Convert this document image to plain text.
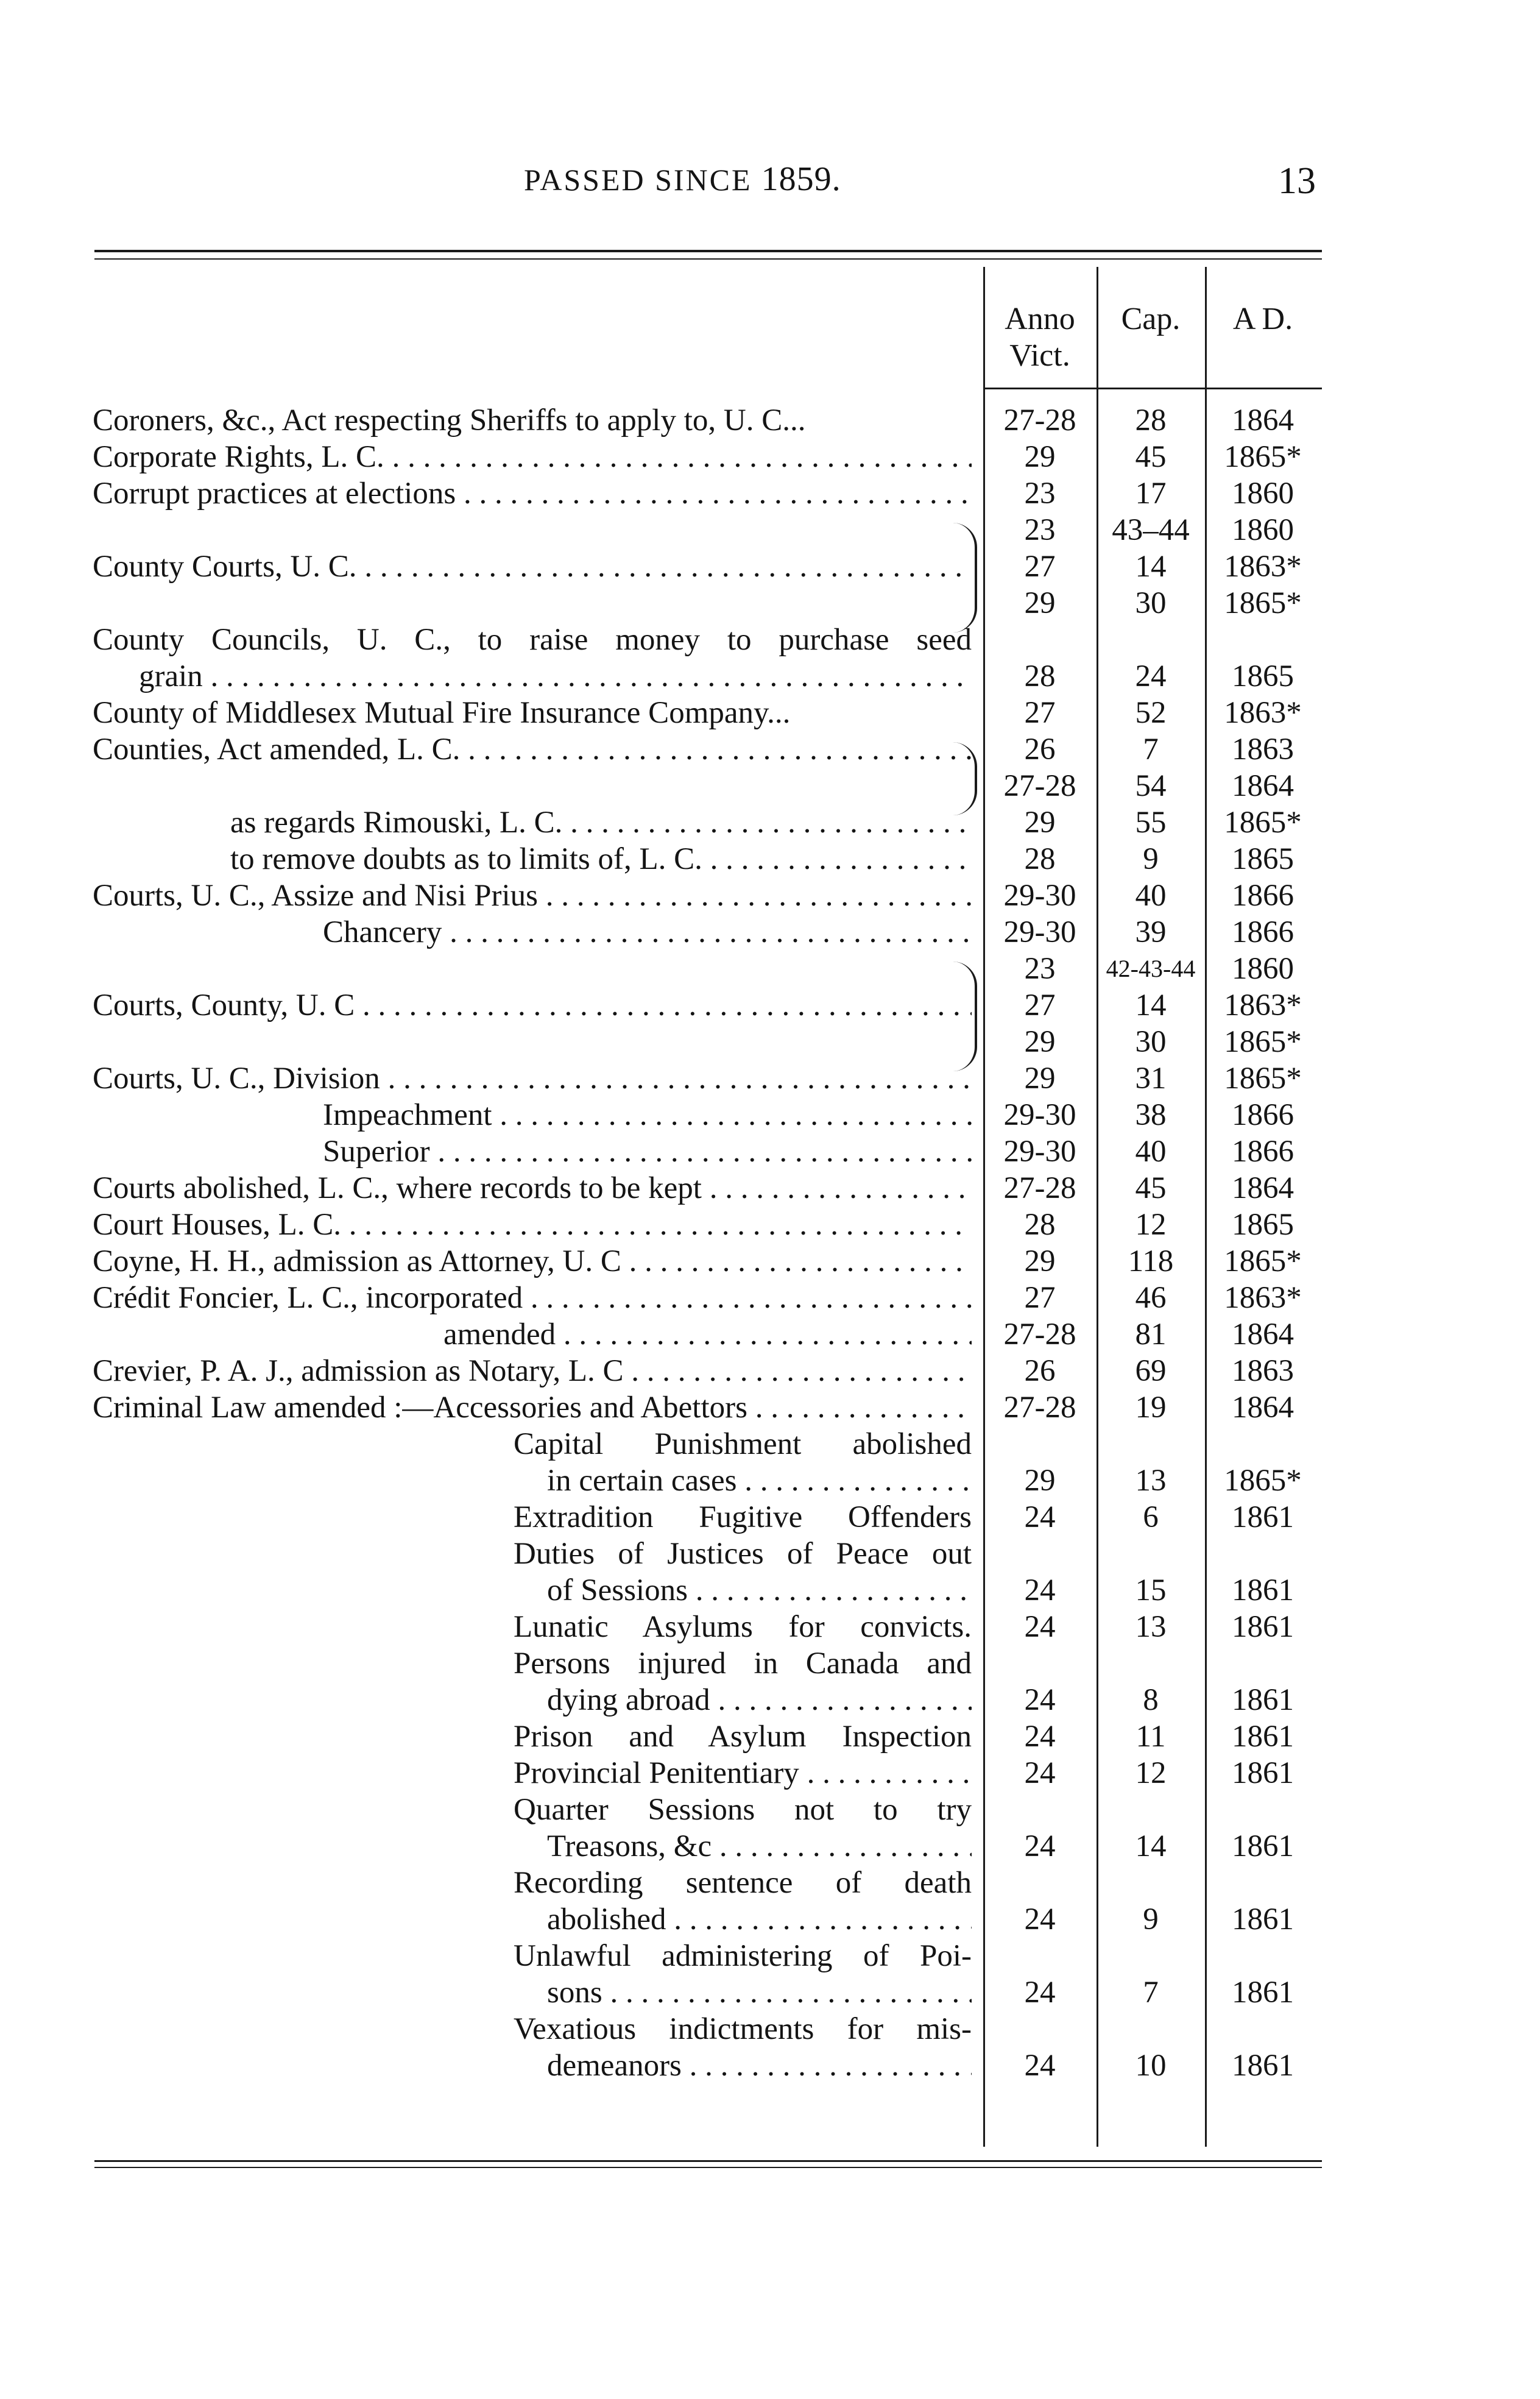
PASSED SINCE 1859.	13
Anno
Vict.
Cap.	A D.
Coroners, &c., Act respecting Sheriffs to apply to, U. C...	27-28	28	1864
Corporate Rights, L. C. . . .	29	45	1865*
Corrupt practices at elections . . .	23	17	1860
23	43–44	1860
County Courts, U. C. . . .	27	14	1863*
29	30	1865*
County Councils, U. C., to raise money to purchase seed
grain . . .	28	24	1865
County of Middlesex Mutual Fire Insurance Company...	27	52	1863*
Counties, Act amended, L. C. . . .	26	7	1863
27-28	54	1864
as regards Rimouski, L. C. . . .	29	55	1865*
to remove doubts as to limits of, L. C. . . .	28	9	1865
Courts, U. C., Assize and Nisi Prius . . .	29-30	40	1866
Chancery . . .	29-30	39	1866
23	42-43-44	1860
Courts, County, U. C . . .	27	14	1863*
29	30	1865*
Courts, U. C., Division . . .	29	31	1865*
Impeachment . . .	29-30	38	1866
Superior . . .	29-30	40	1866
Courts abolished, L. C., where records to be kept . . .	27-28	45	1864
Court Houses, L. C. . . .	28	12	1865
Coyne, H. H., admission as Attorney, U. C . . .	29	118	1865*
Crédit Foncier, L. C., incorporated . . .	27	46	1863*
amended . . .	27-28	81	1864
Crevier, P. A. J., admission as Notary, L. C . . .	26	69	1863
Criminal Law amended :—Accessories and Abettors . . .	27-28	19	1864
Capital Punishment abolished
in certain cases . . .	29	13	1865*
Extradition Fugitive Offenders	24	6	1861
Duties of Justices of Peace out
of Sessions . . .	24	15	1861
Lunatic Asylums for convicts.	24	13	1861
Persons injured in Canada and
dying abroad . . .	24	8	1861
Prison and Asylum Inspection	24	11	1861
Provincial Penitentiary . . .	24	12	1861
Quarter Sessions not to try
Treasons, &c . . .	24	14	1861
Recording sentence of death
abolished . . .	24	9	1861
Unlawful administering of Poi-
sons . . .	24	7	1861
Vexatious indictments for mis-
demeanors . . .	24	10	1861
